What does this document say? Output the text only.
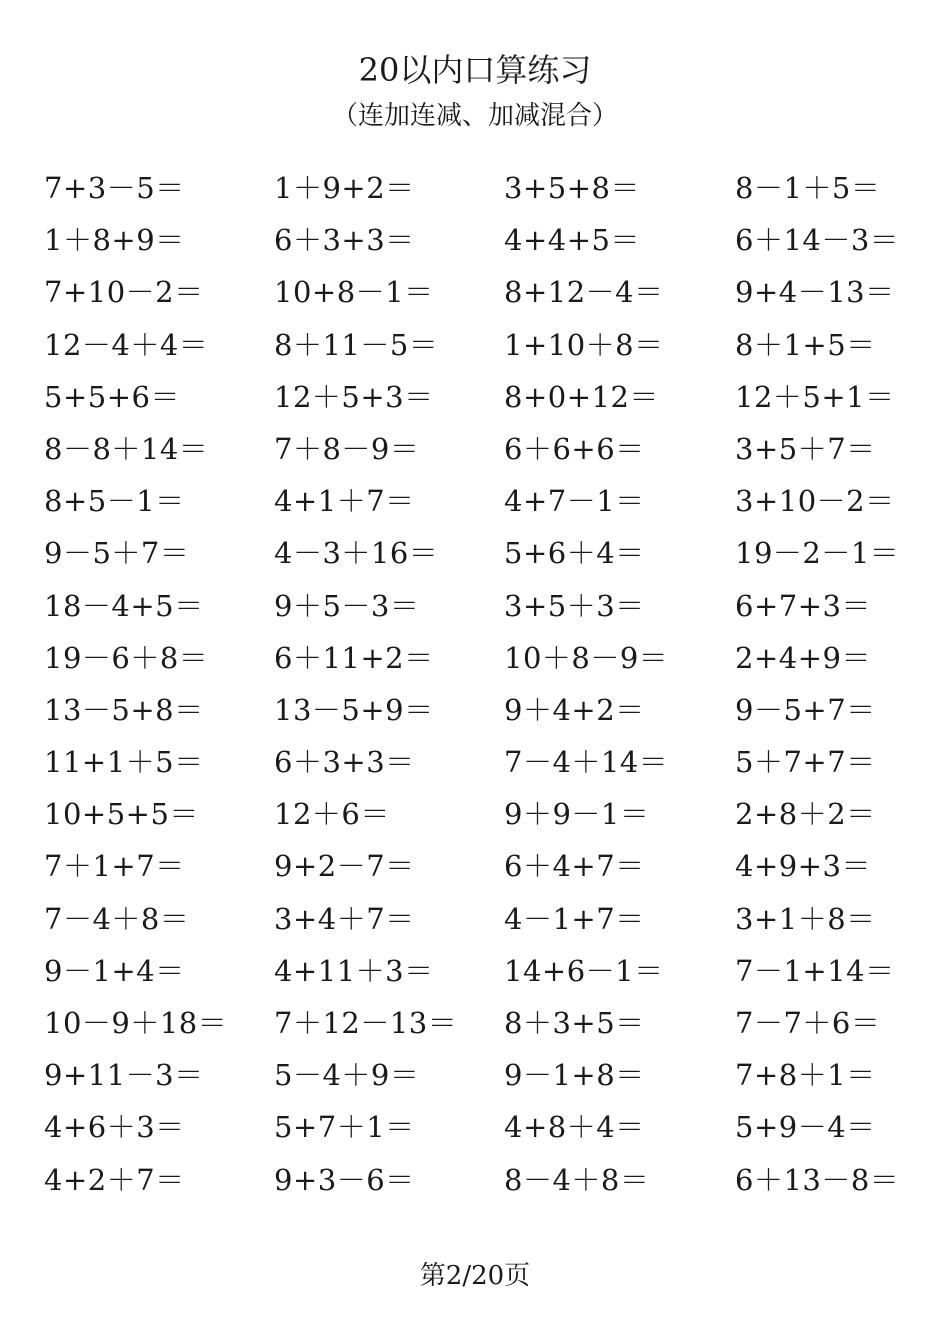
20以内口算练习
（连加连减、加减混合）
7+3－5＝	1＋9+2＝	3+5+8＝	8－1＋5＝
1＋8+9＝	6＋3+3＝	4+4+5＝	6＋14－3＝
7+10－2＝	10+8－1＝	8+12－4＝	9+4－13＝
12－4＋4＝	8＋11－5＝	1+10＋8＝	8＋1+5＝
5+5+6＝	12＋5+3＝	8+0+12＝	12＋5+1＝
8－8＋14＝	7＋8－9＝	6＋6+6＝	3+5＋7＝
8+5－1＝	4+1＋7＝	4+7－1＝	3+10－2＝
9－5＋7＝	4－3＋16＝	5+6＋4＝	19－2－1＝
18－4+5＝	9＋5－3＝	3+5＋3＝	6+7+3＝
19－6＋8＝	6＋11+2＝	10＋8－9＝	2+4+9＝
13－5+8＝	13－5+9＝	9＋4+2＝	9－5+7＝
11+1＋5＝	6＋3+3＝	7－4＋14＝	5＋7+7＝
10+5+5＝	12＋6＝	9＋9－1＝	2+8＋2＝
7＋1+7＝	9+2－7＝	6＋4+7＝	4+9+3＝
7－4＋8＝	3+4＋7＝	4－1+7＝	3+1＋8＝
9－1+4＝	4+11＋3＝	14+6－1＝	7－1+14＝
10－9＋18＝	7＋12－13＝	8＋3+5＝	7－7＋6＝
9+11－3＝	5－4＋9＝	9－1+8＝	7+8＋1＝
4+6＋3＝	5+7＋1＝	4+8＋4＝	5+9－4＝
4+2＋7＝	9+3－6＝	8－4＋8＝	6＋13－8＝
第2/20页
